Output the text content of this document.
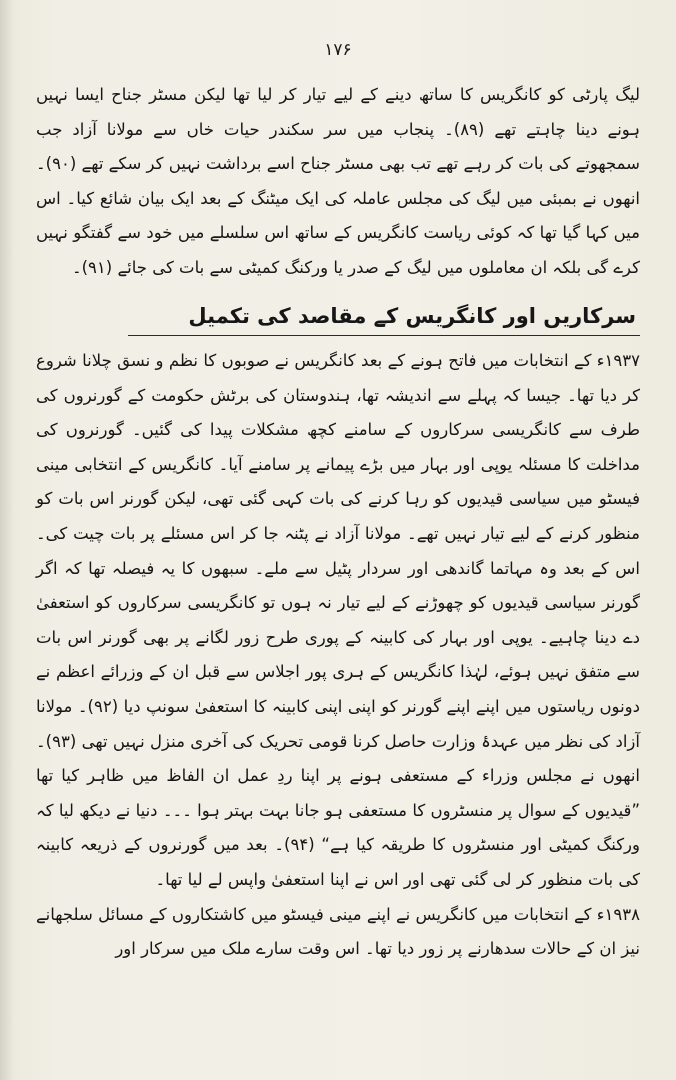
۱۷۶

لیگ پارٹی کو کانگریس کا ساتھ دینے کے لیے تیار کر لیا تھا لیکن مسٹر جناح ایسا نہیں ہونے دینا چاہتے تھے (۸۹)۔ پنجاب میں سر سکندر حیات خاں سے مولانا آزاد جب سمجھوتے کی بات کر رہے تھے تب بھی مسٹر جناح اسے برداشت نہیں کر سکے تھے (۹۰)۔ انھوں نے بمبئی میں لیگ کی مجلس عاملہ کی ایک میٹنگ کے بعد ایک بیان شائع کیا۔ اس میں کہا گیا تھا کہ کوئی ریاست کانگریس کے ساتھ اس سلسلے میں خود سے گفتگو نہیں کرے گی بلکہ ان معاملوں میں لیگ کے صدر یا ورکنگ کمیٹی سے بات کی جائے (۹۱)۔

سرکاریں اور کانگریس کے مقاصد کی تکمیل

۱۹۳۷ء کے انتخابات میں فاتح ہونے کے بعد کانگریس نے صوبوں کا نظم و نسق چلانا شروع کر دیا تھا۔ جیسا کہ پہلے سے اندیشہ تھا، ہندوستان کی برٹش حکومت کے گورنروں کی طرف سے کانگریسی سرکاروں کے سامنے کچھ مشکلات پیدا کی گئیں۔ گورنروں کی مداخلت کا مسئلہ یوپی اور بہار میں بڑے پیمانے پر سامنے آیا۔ کانگریس کے انتخابی مینی فیسٹو میں سیاسی قیدیوں کو رہا کرنے کی بات کہی گئی تھی، لیکن گورنر اس بات کو منظور کرنے کے لیے تیار نہیں تھے۔ مولانا آزاد نے پٹنہ جا کر اس مسئلے پر بات چیت کی۔ اس کے بعد وہ مہاتما گاندھی اور سردار پٹیل سے ملے۔ سبھوں کا یہ فیصلہ تھا کہ اگر گورنر سیاسی قیدیوں کو چھوڑنے کے لیے تیار نہ ہوں تو کانگریسی سرکاروں کو استعفیٰ دے دینا چاہیے۔ یوپی اور بہار کی کابینہ کے پوری طرح زور لگانے پر بھی گورنر اس بات سے متفق نہیں ہوئے، لہٰذا کانگریس کے ہری پور اجلاس سے قبل ان کے وزرائے اعظم نے دونوں ریاستوں میں اپنے اپنے گورنر کو اپنی اپنی کابینہ کا استعفیٰ سونپ دیا (۹۲)۔ مولانا آزاد کی نظر میں عہدۂ وزارت حاصل کرنا قومی تحریک کی آخری منزل نہیں تھی (۹۳)۔ انھوں نے مجلس وزراء کے مستعفی ہونے پر اپنا ردِ عمل ان الفاظ میں ظاہر کیا تھا ”قیدیوں کے سوال پر منسٹروں کا مستعفی ہو جانا بہت بہتر ہوا ۔۔۔ دنیا نے دیکھ لیا کہ ورکنگ کمیٹی اور منسٹروں کا طریقہ کیا ہے“ (۹۴)۔ بعد میں گورنروں کے ذریعہ کابینہ کی بات منظور کر لی گئی تھی اور اس نے اپنا استعفیٰ واپس لے لیا تھا۔

۱۹۳۸ء کے انتخابات میں کانگریس نے اپنے مینی فیسٹو میں کاشتکاروں کے مسائل سلجھانے نیز ان کے حالات سدھارنے پر زور دیا تھا۔ اس وقت سارے ملک میں سرکار اور
